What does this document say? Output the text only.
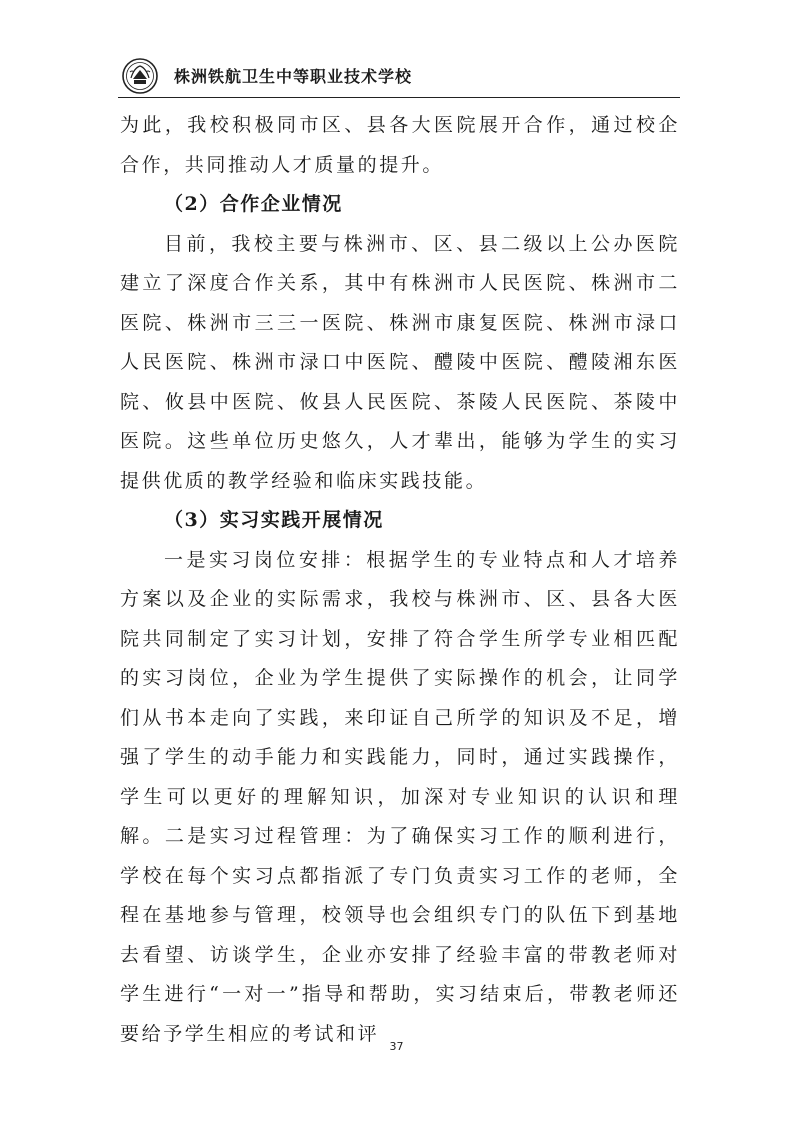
株洲铁航卫生中等职业技术学校

为此，我校积极同市区、县各大医院展开合作，通过校企合作，共同推动人才质量的提升。

（2）合作企业情况

目前，我校主要与株洲市、区、县二级以上公办医院建立了深度合作关系，其中有株洲市人民医院、株洲市二医院、株洲市三三一医院、株洲市康复医院、株洲市渌口人民医院、株洲市渌口中医院、醴陵中医院、醴陵湘东医院、攸县中医院、攸县人民医院、茶陵人民医院、茶陵中医院。这些单位历史悠久，人才辈出，能够为学生的实习提供优质的教学经验和临床实践技能。

（3）实习实践开展情况

一是实习岗位安排：根据学生的专业特点和人才培养方案以及企业的实际需求，我校与株洲市、区、县各大医院共同制定了实习计划，安排了符合学生所学专业相匹配的实习岗位，企业为学生提供了实际操作的机会，让同学们从书本走向了实践，来印证自己所学的知识及不足，增强了学生的动手能力和实践能力，同时，通过实践操作，学生可以更好的理解知识，加深对专业知识的认识和理解。二是实习过程管理：为了确保实习工作的顺利进行，学校在每个实习点都指派了专门负责实习工作的老师，全程在基地参与管理，校领导也会组织专门的队伍下到基地去看望、访谈学生，企业亦安排了经验丰富的带教老师对学生进行“一对一”指导和帮助，实习结束后，带教老师还要给予学生相应的考试和评

37
